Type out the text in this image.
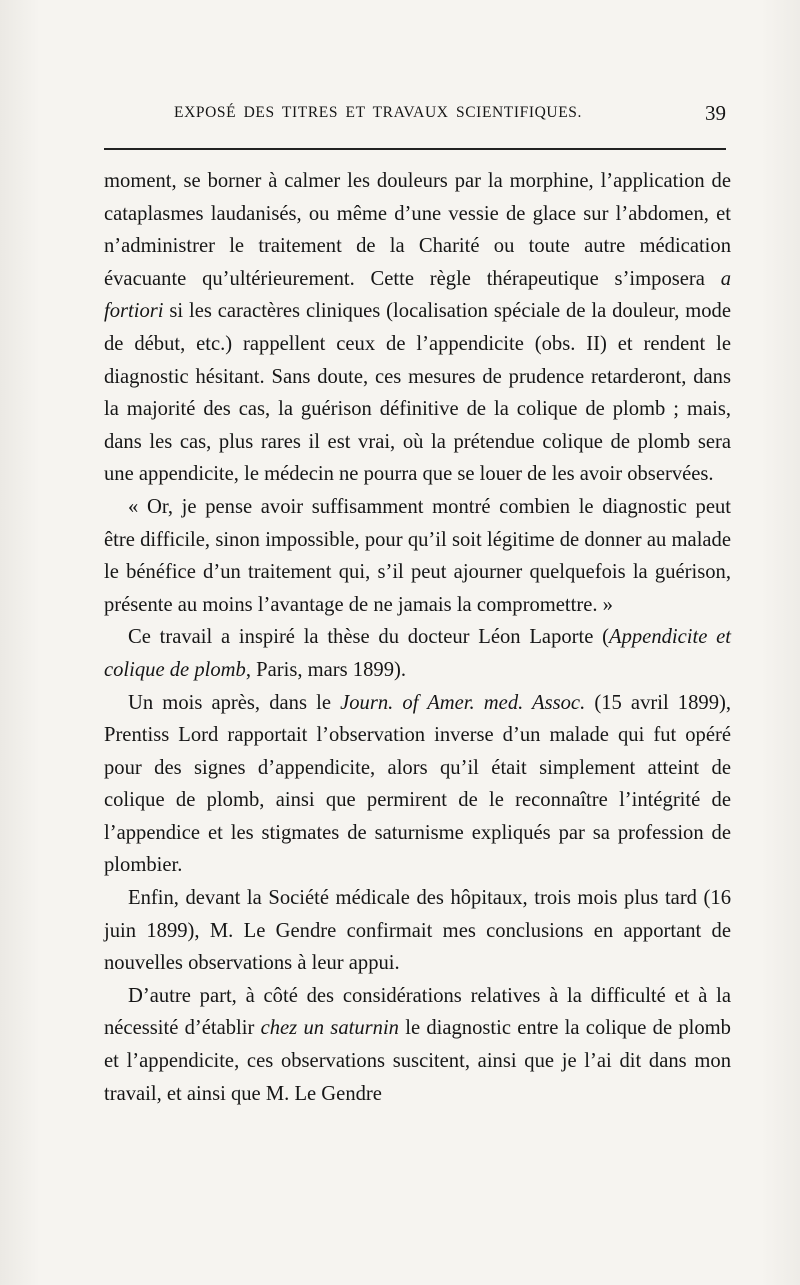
EXPOSÉ DES TITRES ET TRAVAUX SCIENTIFIQUES.	39

moment, se borner à calmer les douleurs par la morphine, l’application de cataplasmes laudanisés, ou même d’une vessie de glace sur l’abdomen, et n’administrer le traitement de la Charité ou toute autre médication évacuante qu’ultérieurement. Cette règle thérapeutique s’imposera a fortiori si les caractères cliniques (localisation spéciale de la douleur, mode de début, etc.) rappellent ceux de l’appendicite (obs. II) et rendent le diagnostic hésitant. Sans doute, ces mesures de prudence retarderont, dans la majorité des cas, la guérison définitive de la colique de plomb ; mais, dans les cas, plus rares il est vrai, où la prétendue colique de plomb sera une appendicite, le médecin ne pourra que se louer de les avoir observées.

« Or, je pense avoir suffisamment montré combien le diagnostic peut être difficile, sinon impossible, pour qu’il soit légitime de donner au malade le bénéfice d’un traitement qui, s’il peut ajourner quelquefois la guérison, présente au moins l’avantage de ne jamais la compromettre. »

Ce travail a inspiré la thèse du docteur Léon Laporte (Appendicite et colique de plomb, Paris, mars 1899).

Un mois après, dans le Journ. of Amer. med. Assoc. (15 avril 1899), Prentiss Lord rapportait l’observation inverse d’un malade qui fut opéré pour des signes d’appendicite, alors qu’il était simplement atteint de colique de plomb, ainsi que permirent de le reconnaître l’intégrité de l’appendice et les stigmates de saturnisme expliqués par sa profession de plombier.

Enfin, devant la Société médicale des hôpitaux, trois mois plus tard (16 juin 1899), M. Le Gendre confirmait mes conclusions en apportant de nouvelles observations à leur appui.

D’autre part, à côté des considérations relatives à la difficulté et à la nécessité d’établir chez un saturnin le diagnostic entre la colique de plomb et l’appendicite, ces observations suscitent, ainsi que je l’ai dit dans mon travail, et ainsi que M. Le Gendre
